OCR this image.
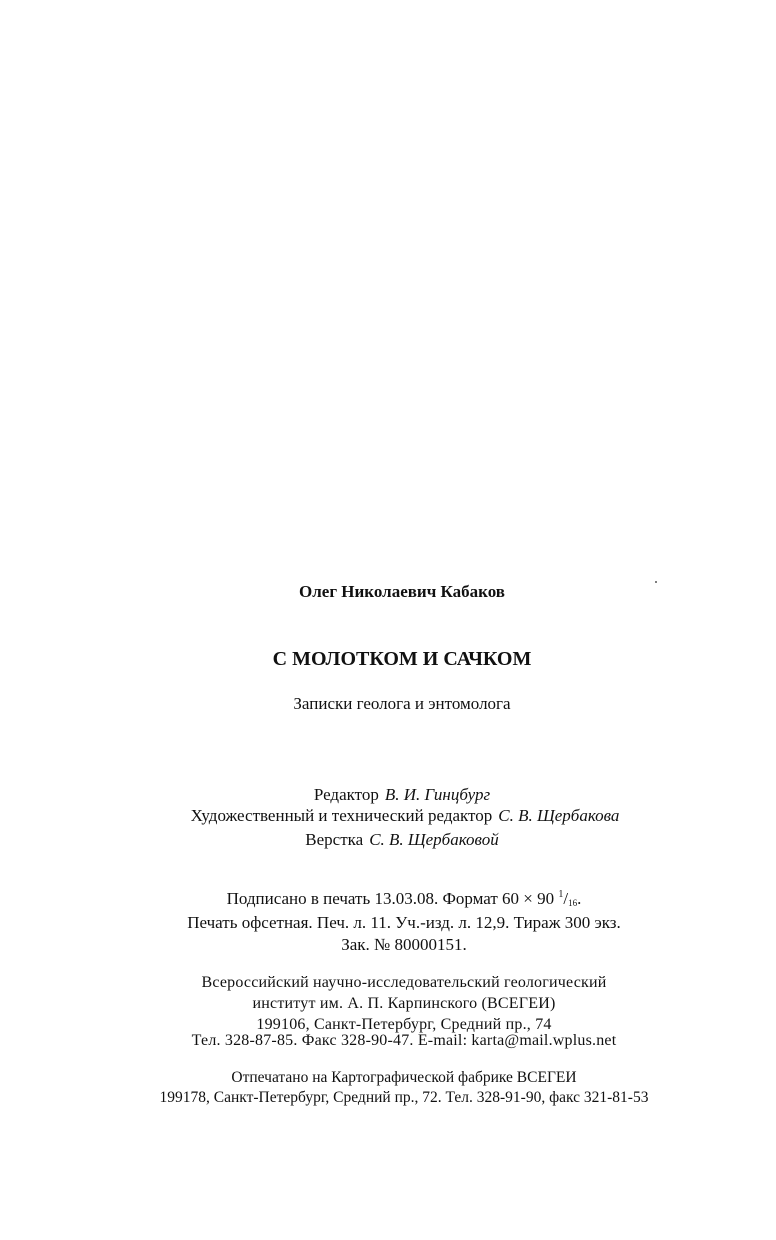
Олег Николаевич Кабаков
С МОЛОТКОМ И САЧКОМ
Записки геолога и энтомолога
Редактор В. И. Гинцбург
Художественный и технический редактор С. В. Щербакова
Верстка С. В. Щербаковой
Подписано в печать 13.03.08. Формат 60 × 90 $^1/_{16}$.
Печать офсетная. Печ. л. 11. Уч.-изд. л. 12,9. Тираж 300 экз.
Зак. № 80000151.
Всероссийский научно-исследовательский геологический
институт им. А. П. Карпинского (ВСЕГЕИ)
199106, Санкт-Петербург, Средний пр., 74
Тел. 328-87-85. Факс 328-90-47. E-mail: karta@mail.wplus.net
Отпечатано на Картографической фабрике ВСЕГЕИ
199178, Санкт-Петербург, Средний пр., 72. Тел. 328-91-90, факс 321-81-53
